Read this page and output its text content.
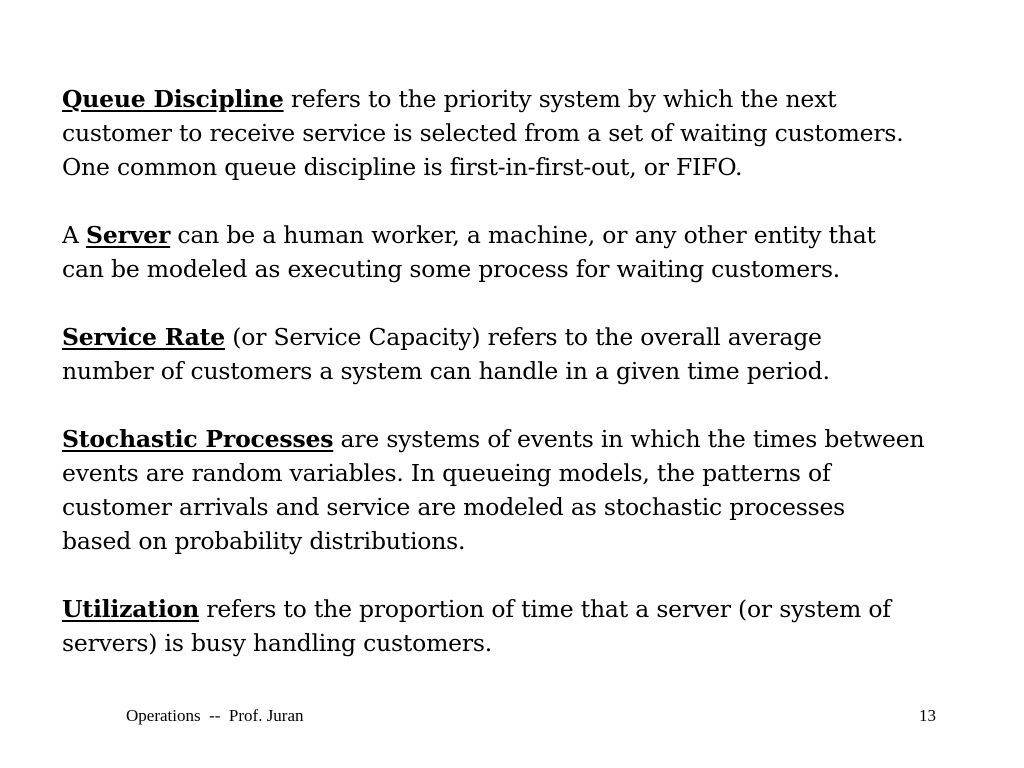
Queue Discipline refers to the priority system by which the next
customer to receive service is selected from a set of waiting customers.
One common queue discipline is first-in-first-out, or FIFO.

A Server can be a human worker, a machine, or any other entity that
can be modeled as executing some process for waiting customers.

Service Rate (or Service Capacity) refers to the overall average
number of customers a system can handle in a given time period.

Stochastic Processes are systems of events in which the times between
events are random variables. In queueing models, the patterns of
customer arrivals and service are modeled as stochastic processes
based on probability distributions.

Utilization refers to the proportion of time that a server (or system of
servers) is busy handling customers.

Operations  --  Prof. Juran	13
